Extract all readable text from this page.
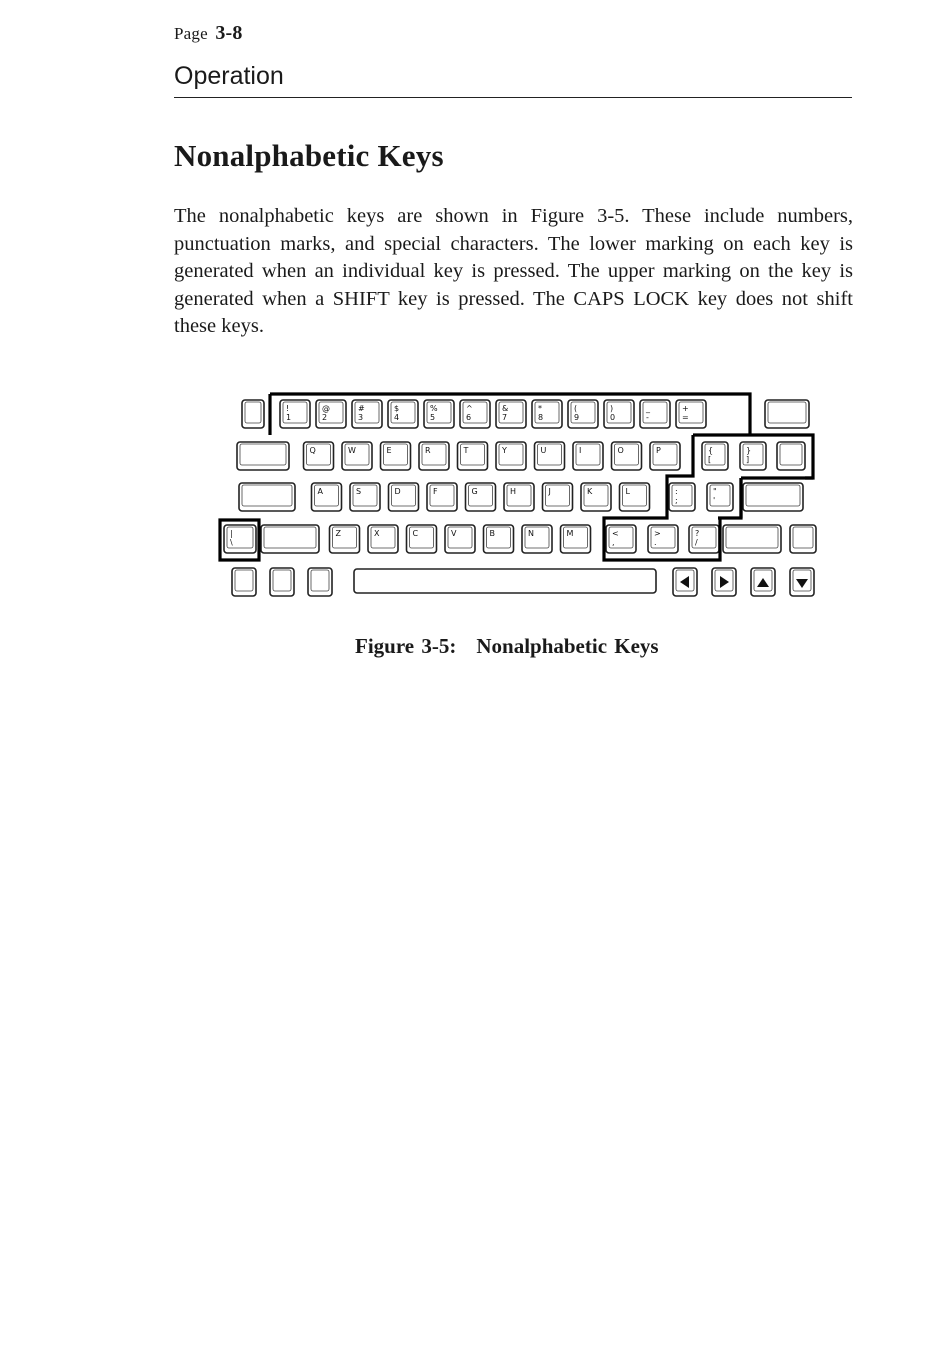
Page 3-8
Operation
Nonalphabetic Keys

The nonalphabetic keys are shown in Figure 3-5. These include numbers, punctuation marks, and special characters. The lower marking on each key is generated when an individual key is pressed. The upper marking on the key is generated when a SHIFT key is pressed. The CAPS LOCK key does not shift these keys.

!
1
@
2
#
3
$
4
%
5
^
6
&
7
*
8
(
9
)
0
_
-
+
=
Q	W	E	R	T	Y	U	I	O	P	{
[
}
]
A	S	D	F	G	H	J	K	L	:
;
"
'
|
\
Z	X	C	V	B	N	M	<
,
>
.
?
/
Figure 3-5: Nonalphabetic Keys
